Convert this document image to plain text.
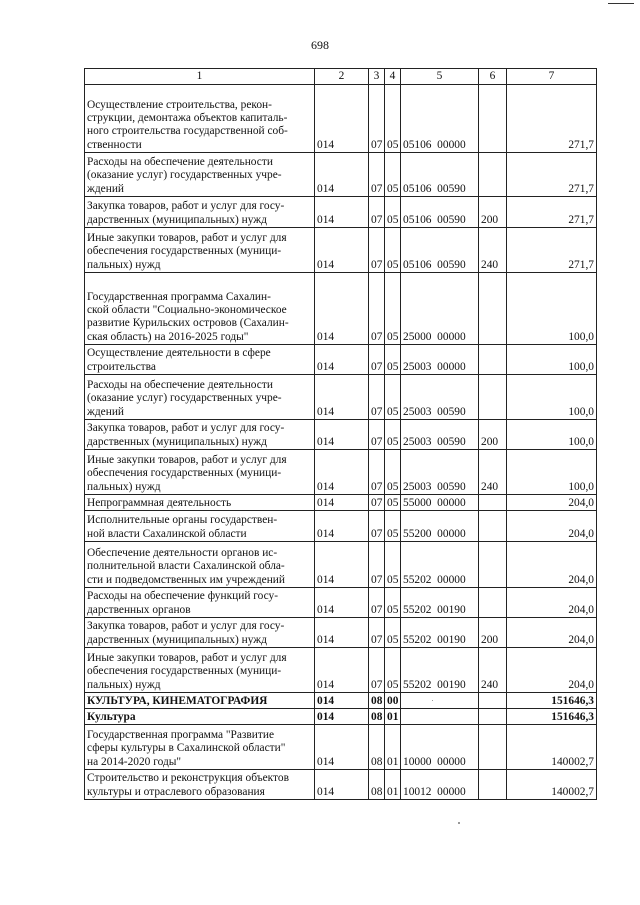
698
1	2	3	4	5	6	7
Осуществление строительства, рекон-
струкции, демонтажа объектов капиталь-
ного строительства государственной соб-
ственности	014	07	05	05106  00000		271,7
Расходы на обеспечение деятельности
(оказание услуг) государственных учре-
ждений	014	07	05	05106  00590		271,7
Закупка товаров, работ и услуг для госу-
дарственных (муниципальных) нужд	014	07	05	05106  00590	200	271,7
Иные закупки товаров, работ и услуг для
обеспечения государственных (муници-
пальных) нужд	014	07	05	05106  00590	240	271,7
Государственная программа Сахалин-
ской области "Социально-экономическое
развитие Курильских островов (Сахалин-
ская область) на 2016-2025 годы"	014	07	05	25000  00000		100,0
Осуществление деятельности в сфере
строительства	014	07	05	25003  00000		100,0
Расходы на обеспечение деятельности
(оказание услуг) государственных учре-
ждений	014	07	05	25003  00590		100,0
Закупка товаров, работ и услуг для госу-
дарственных (муниципальных) нужд	014	07	05	25003  00590	200	100,0
Иные закупки товаров, работ и услуг для
обеспечения государственных (муници-
пальных) нужд	014	07	05	25003  00590	240	100,0
Непрограммная деятельность	014	07	05	55000  00000		204,0
Исполнительные органы государствен-
ной власти Сахалинской области	014	07	05	55200  00000		204,0
Обеспечение деятельности органов ис-
полнительной власти Сахалинской обла-
сти и подведомственных им учреждений	014	07	05	55202  00000		204,0
Расходы на обеспечение функций госу-
дарственных органов	014	07	05	55202  00190		204,0
Закупка товаров, работ и услуг для госу-
дарственных (муниципальных) нужд	014	07	05	55202  00190	200	204,0
Иные закупки товаров, работ и услуг для
обеспечения государственных (муници-
пальных) нужд	014	07	05	55202  00190	240	204,0
КУЛЬТУРА, КИНЕМАТОГРАФИЯ	014	08	00			151646,3
Культура	014	08	01			151646,3
Государственная программа "Развитие
сферы культуры в Сахалинской области"
на 2014-2020 годы"	014	08	01	10000  00000		140002,7
Строительство и реконструкция объектов
культуры и отраслевого образования	014	08	01	10012  00000		140002,7
